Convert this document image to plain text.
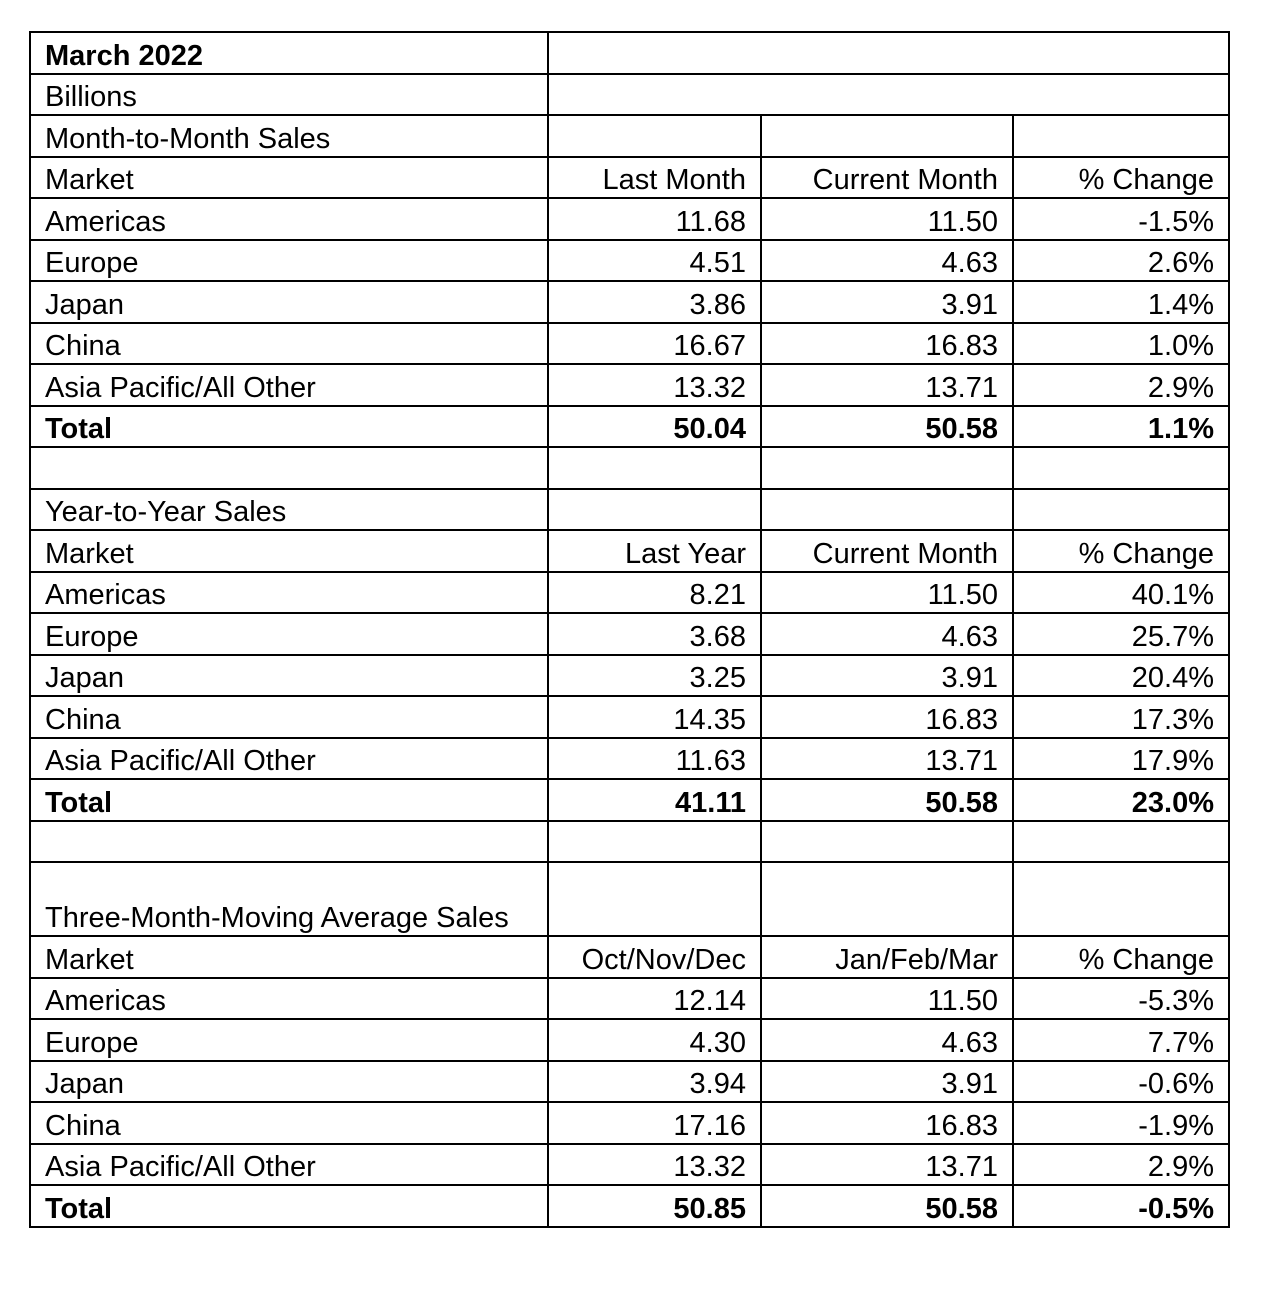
March 2022			
Billions			
Month-to-Month Sales			
Market	Last Month	Current Month	% Change
Americas	11.68	11.50	-1.5%
Europe	4.51	4.63	2.6%
Japan	3.86	3.91	1.4%
China	16.67	16.83	1.0%
Asia Pacific/All Other	13.32	13.71	2.9%
Total	50.04	50.58	1.1%

Year-to-Year Sales			
Market	Last Year	Current Month	% Change
Americas	8.21	11.50	40.1%
Europe	3.68	4.63	25.7%
Japan	3.25	3.91	20.4%
China	14.35	16.83	17.3%
Asia Pacific/All Other	11.63	13.71	17.9%
Total	41.11	50.58	23.0%

Three-Month-Moving Average Sales			
Market	Oct/Nov/Dec	Jan/Feb/Mar	% Change
Americas	12.14	11.50	-5.3%
Europe	4.30	4.63	7.7%
Japan	3.94	3.91	-0.6%
China	17.16	16.83	-1.9%
Asia Pacific/All Other	13.32	13.71	2.9%
Total	50.85	50.58	-0.5%
